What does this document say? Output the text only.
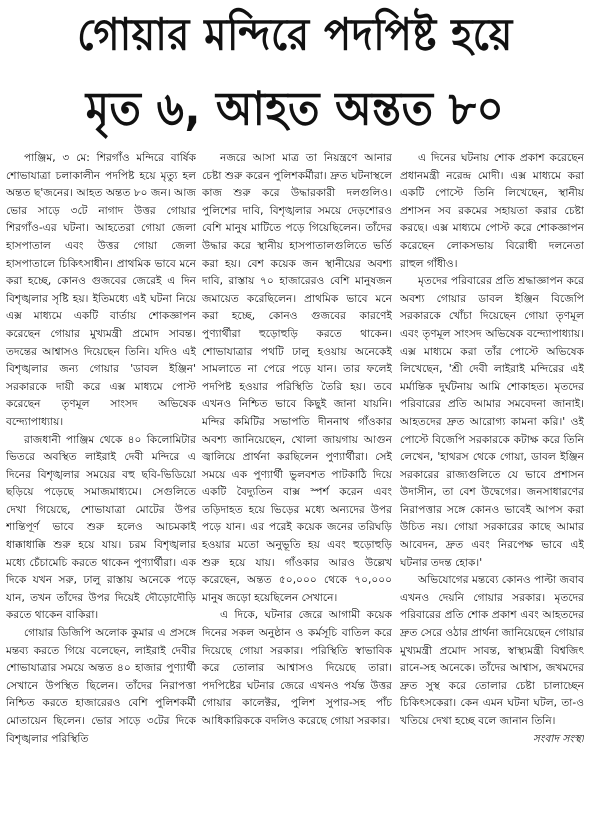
গোয়ার মন্দিরে পদপিষ্ট হয়ে
মৃত ৬, আহত অন্তত ৮০

পাঞ্জিম, ৩ মে: শিরগাঁও মন্দিরে বার্ষিক শোভাযাত্রা চলাকালীন পদপিষ্ট হয়ে মৃত্যু হল অন্তত ছ'জনের। আহত অন্তত ৮০ জন। আজ ভোর সাড়ে ৩টে নাগাদ উত্তর গোয়ার শিরগাঁও-এর ঘটনা। আহতেরা গোয়া জেলা হাসপাতাল এবং উত্তর গোয়া জেলা হাসপাতালে চিকিৎসাধীন। প্রাথমিক ভাবে মনে করা হচ্ছে, কোনও গুজবের জেরেই এ দিন বিশৃঙ্খলার সৃষ্টি হয়। ইতিমধ্যে এই ঘটনা নিয়ে এক্স মাধ্যমে একটি বার্তায় শোকজ্ঞাপন করেছেন গোয়ার মুখ্যমন্ত্রী প্রমোদ সাবন্ত। তদন্তের আশ্বাসও দিয়েছেন তিনি। যদিও এই বিশৃঙ্খলার জন্য গোয়ার 'ডাবল ইঞ্জিন' সরকারকে দায়ী করে এক্স মাধ্যমে পোস্ট করেছেন তৃণমূল সাংসদ অভিষেক বন্দ্যোপাধ্যায়।

রাজধানী পাঞ্জিম থেকে ৪০ কিলোমিটার ভিতরে অবস্থিত লাইরাই দেবী মন্দিরে এ দিনের বিশৃঙ্খলার সময়ের বহু ছবি-ভিডিয়ো ছড়িয়ে পড়েছে সমাজমাধ্যমে। সেগুলিতে দেখা গিয়েছে, শোভাযাত্রা মোটের উপর শান্তিপূর্ণ ভাবে শুরু হলেও আচমকাই ধাক্কাধাক্কি শুরু হয়ে যায়। চরম বিশৃঙ্খলার মধ্যে চেঁচামেচি করতে থাকেন পুণ্যার্থীরা। এক দিকে যখন সরু, ঢালু রাস্তায় অনেকে পড়ে যান, তখন তাঁদের উপর দিয়েই দৌড়োদৌড়ি করতে থাকেন বাকিরা।

গোয়ার ডিজিপি অলোক কুমার এ প্রসঙ্গে মন্তব্য করতে গিয়ে বলেছেন, লাইরাই দেবীর শোভাযাত্রার সময়ে অন্তত ৪০ হাজার পুণ্যার্থী সেখানে উপস্থিত ছিলেন। তাঁদের নিরাপত্তা নিশ্চিত করতে হাজারেরও বেশি পুলিশকর্মী মোতায়েন ছিলেন। ভোর সাড়ে ৩টের দিকে বিশৃঙ্খলার পরিস্থিতি

নজরে আসা মাত্র তা নিয়ন্ত্রণে আনার চেষ্টা শুরু করেন পুলিশকর্মীরা। দ্রুত ঘটনাস্থলে কাজ শুরু করে উদ্ধারকারী দলগুলিও। পুলিশের দাবি, বিশৃঙ্খলার সময়ে দেড়শোরও বেশি মানুষ মাটিতে পড়ে গিয়েছিলেন। তাঁদের উদ্ধার করে স্থানীয় হাসপাতালগুলিতে ভর্তি করা হয়। বেশ কয়েক জন স্থানীয়ের অবশ্য দাবি, রাস্তায় ৭০ হাজারেরও বেশি মানুষজন জমায়েত করেছিলেন। প্রাথমিক ভাবে মনে করা হচ্ছে, কোনও গুজবের কারণেই পুণ্যার্থীরা হুড়োহুড়ি করতে থাকেন। শোভাযাত্রার পথটি ঢালু হওয়ায় অনেকেই সামলাতে না পেরে পড়ে যান। তার ফলেই পদপিষ্ট হওয়ার পরিস্থিতি তৈরি হয়। তবে এখনও নিশ্চিত ভাবে কিছুই জানা যায়নি। মন্দির কমিটির সভাপতি দীননাথ গাঁওকার অবশ্য জানিয়েছেন, খোলা জায়গায় আগুন জ্বালিয়ে প্রার্থনা করছিলেন পুণ্যার্থীরা। সেই সময়ে এক পুণ্যার্থী ভুলবশত পাটকাঠি দিয়ে একটি বৈদ্যুতিন বাক্স স্পর্শ করেন এবং তড়িদাহত হয়ে ভিড়ের মধ্যে অন্যদের উপর পড়ে যান। এর পরেই কয়েক জনের তরিঘড়ি হওয়ার মতো অনুভূতি হয় এবং হুড়োহুড়ি শুরু হয়ে যায়। গাঁওকার আরও উল্লেখ করেছেন, অন্তত ৫০,০০০ থেকে ৭০,০০০ মানুষ জড়ো হয়েছিলেন সেখানে।

এ দিকে, ঘটনার জেরে আগামী কয়েক দিনের সকল অনুষ্ঠান ও কর্মসূচি বাতিল করে দিয়েছে গোয়া সরকার। পরিস্থিতি স্বাভাবিক করে তোলার আশ্বাসও দিয়েছে তারা। পদপিষ্টের ঘটনার জেরে এখনও পর্যন্ত উত্তর গোয়ার কালেক্টর, পুলিশ সুপার-সহ পাঁচ আধিকারিককে বদলিও করেছে গোয়া সরকার।

এ দিনের ঘটনায় শোক প্রকাশ করেছেন প্রধানমন্ত্রী নরেন্দ্র মোদী। এক্স মাধ্যমে করা একটি পোস্টে তিনি লিখেছেন, স্থানীয় প্রশাসন সব রকমের সহায়তা করার চেষ্টা করছে। এক্স মাধ্যমে পোস্ট করে শোকজ্ঞাপন করেছেন লোকসভায় বিরোধী দলনেতা রাহুল গাঁধীও।

মৃতদের পরিবারের প্রতি শ্রদ্ধাজ্ঞাপন করে অবশ্য গোয়ার ডাবল ইঞ্জিন বিজেপি সরকারকে খোঁচা দিয়েছেন গোয়া তৃণমূল এবং তৃণমূল সাংসদ অভিষেক বন্দ্যোপাধ্যায়। এক্স মাধ্যমে করা তাঁর পোস্টে অভিষেক লিখেছেন, 'শ্রী দেবী লাইরাই মন্দিরের এই মর্মান্তিক দুর্ঘটনায় আমি শোকাহত। মৃতদের পরিবারের প্রতি আমার সমবেদনা জানাই। আহতদের দ্রুত আরোগ্য কামনা করি।' ওই পোস্টে বিজেপি সরকারকে কটাক্ষ করে তিনি লেখেন, 'হাথরস থেকে গোয়া, ডাবল ইঞ্জিন সরকারের রাজ্যগুলিতে যে ভাবে প্রশাসন উদাসীন, তা বেশ উদ্বেগের। জনসাধারণের নিরাপত্তার সঙ্গে কোনও ভাবেই আপস করা উচিত নয়। গোয়া সরকারের কাছে আমার আবেদন, দ্রুত এবং নিরপেক্ষ ভাবে এই ঘটনার তদন্ত হোক।'

অভিযোগের মন্তব্যে কোনও পাল্টা জবাব এখনও দেয়নি গোয়ার সরকার। মৃতদের পরিবারের প্রতি শোক প্রকাশ এবং আহতদের দ্রুত সেরে ওঠার প্রার্থনা জানিয়েছেন গোয়ার মুখ্যমন্ত্রী প্রমোদ সাবন্ত, স্বাস্থ্যমন্ত্রী বিশ্বজিৎ রানে-সহ অনেকে। তাঁদের আশ্বাস, জখমদের দ্রুত সুস্থ করে তোলার চেষ্টা চালাচ্ছেন চিকিৎসকেরা। কেন এমন ঘটনা ঘটল, তা-ও খতিয়ে দেখা হচ্ছে বলে জানান তিনি।

সংবাদ সংস্থা
